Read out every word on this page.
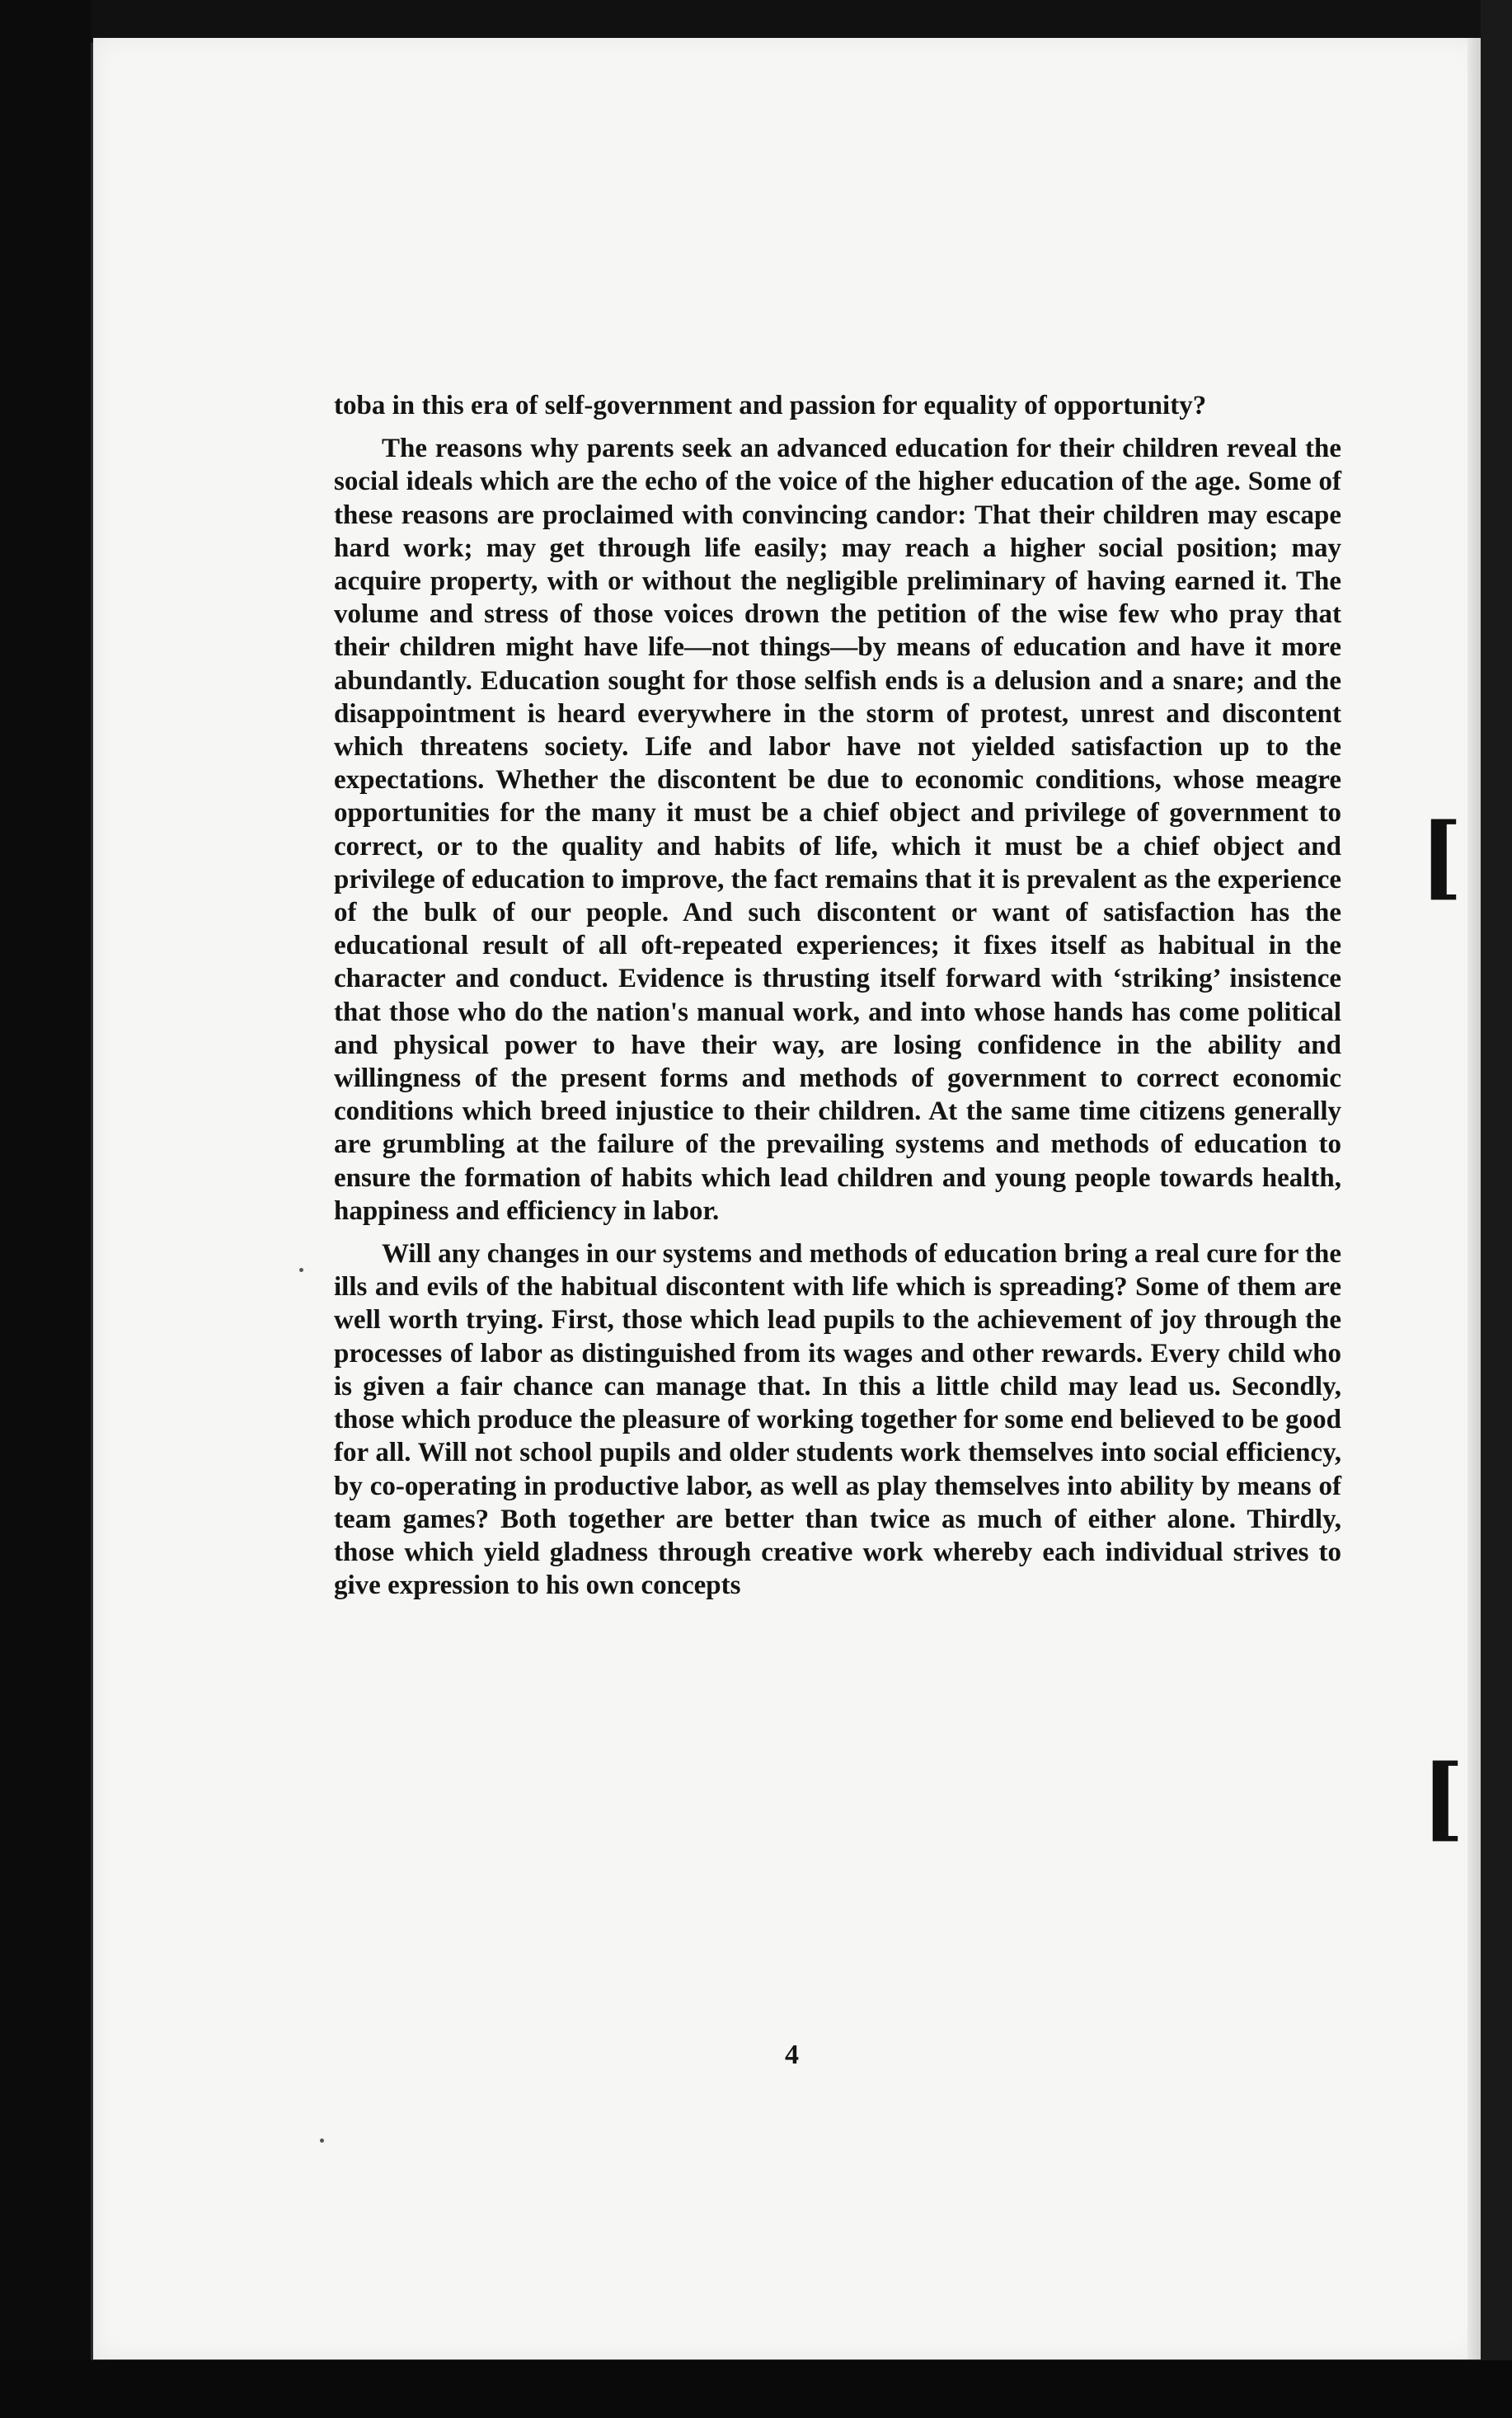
toba in this era of self-government and passion for equality of opportunity?

The reasons why parents seek an advanced education for their children reveal the social ideals which are the echo of the voice of the higher education of the age. Some of these reasons are proclaimed with convincing candor: That their children may escape hard work; may get through life easily; may reach a higher social position; may acquire property, with or without the negligible preliminary of having earned it. The volume and stress of those voices drown the petition of the wise few who pray that their children might have life—not things—by means of education and have it more abundantly. Education sought for those selfish ends is a delusion and a snare; and the disappointment is heard everywhere in the storm of protest, unrest and discontent which threatens society. Life and labor have not yielded satisfaction up to the expectations. Whether the discontent be due to economic conditions, whose meagre opportunities for the many it must be a chief object and privilege of government to correct, or to the quality and habits of life, which it must be a chief object and privilege of education to improve, the fact remains that it is prevalent as the experience of the bulk of our people. And such discontent or want of satisfaction has the educational result of all oft-repeated experiences; it fixes itself as habitual in the character and conduct. Evidence is thrusting itself forward with ‘striking’ insistence that those who do the nation's manual work, and into whose hands has come political and physical power to have their way, are losing confidence in the ability and willingness of the present forms and methods of government to correct economic conditions which breed injustice to their children. At the same time citizens generally are grumbling at the failure of the prevailing systems and methods of education to ensure the formation of habits which lead children and young people towards health, happiness and efficiency in labor.

Will any changes in our systems and methods of education bring a real cure for the ills and evils of the habitual discontent with life which is spreading? Some of them are well worth trying. First, those which lead pupils to the achievement of joy through the processes of labor as distinguished from its wages and other rewards. Every child who is given a fair chance can manage that. In this a little child may lead us. Secondly, those which produce the pleasure of working together for some end believed to be good for all. Will not school pupils and older students work themselves into social efficiency, by co-operating in productive labor, as well as play themselves into ability by means of team games? Both together are better than twice as much of either alone. Thirdly, those which yield gladness through creative work whereby each individual strives to give expression to his own concepts

4
[
[
